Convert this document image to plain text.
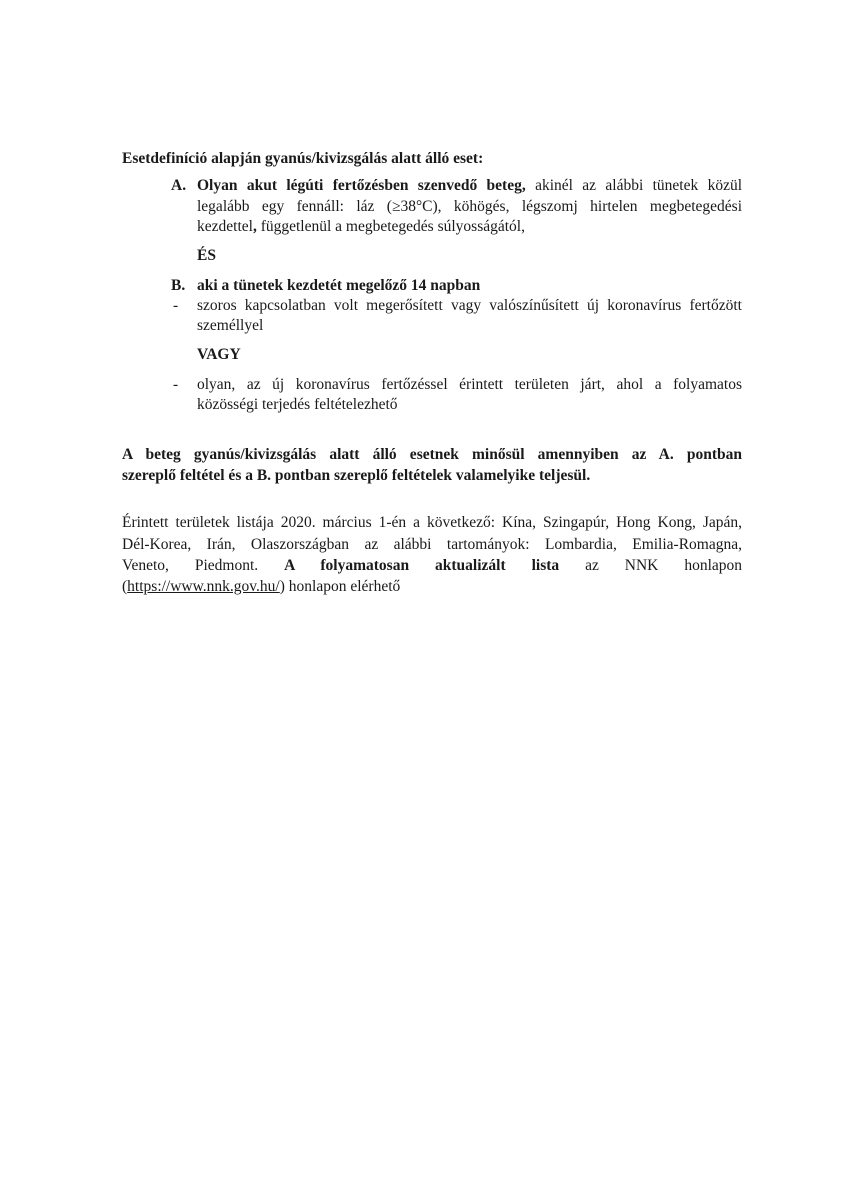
Esetdefiníció alapján gyanús/kivizsgálás alatt álló eset:
A. Olyan akut légúti fertőzésben szenvedő beteg, akinél az alábbi tünetek közül
legalább egy fennáll: láz (≥38°C), köhögés, légszomj hirtelen megbetegedési
kezdettel, függetlenül a megbetegedés súlyosságától,
ÉS
B. aki a tünetek kezdetét megelőző 14 napban
- szoros kapcsolatban volt megerősített vagy valószínűsített új koronavírus fertőzött
személlyel
VAGY
- olyan, az új koronavírus fertőzéssel érintett területen járt, ahol a folyamatos
közösségi terjedés feltételezhető
A beteg gyanús/kivizsgálás alatt álló esetnek minősül amennyiben az A. pontban
szereplő feltétel és a B. pontban szereplő feltételek valamelyike teljesül.
Érintett területek listája 2020. március 1-én a következő: Kína, Szingapúr, Hong Kong, Japán,
Dél-Korea, Irán, Olaszországban az alábbi tartományok: Lombardia, Emilia-Romagna,
Veneto, Piedmont. A folyamatosan aktualizált lista az NNK honlapon
(https://www.nnk.gov.hu/) honlapon elérhető
